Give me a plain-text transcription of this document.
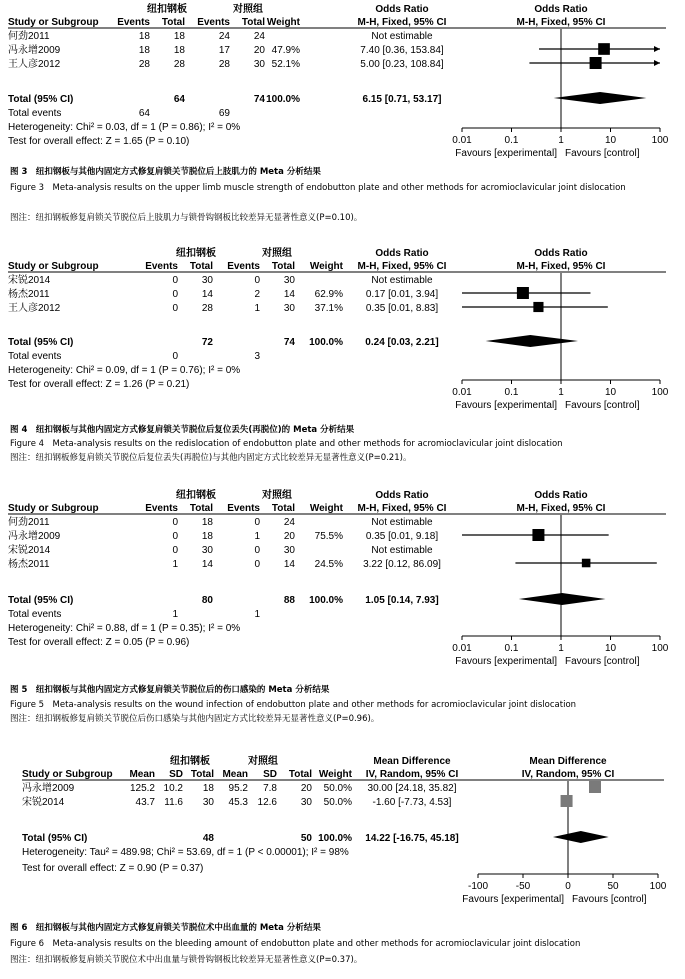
纽扣钢板	对照组	Odds Ratio	Odds Ratio
Study or Subgroup Events Total Events Total Weight	M-H, Fixed, 95% CI	M-H, Fixed, 95% CI
何劲2011	18 18	24 24	Not estimable
冯永增2009	18 18	17 20 47.9%	7.40 [0.36, 153.84]
王人彦2012	28 28	28 30 52.1%	5.00 [0.23, 108.84]
Total (95% CI)	64	74 100.0%	6.15 [0.71, 53.17]
Total events	64	69
Heterogeneity: Chi² = 0.03, df = 1 (P = 0.86); I² = 0%
Test for overall effect: Z = 1.65 (P = 0.10)	0.01	0.1	1	10	100
Favours [experimental] Favours [control]
图 3　纽扣钢板与其他内固定方式修复肩锁关节脱位后上肢肌力的 Meta 分析结果
Figure 3　Meta-analysis results on the upper limb muscle strength of endobutton plate and other methods for acromioclavicular joint dislocation
图注：纽扣钢板修复肩锁关节脱位后上肢肌力与锁骨钩钢板比较差异无显著性意义(P=0.10)。
纽扣钢板	对照组	Odds Ratio	Odds Ratio
Study or Subgroup	Events Total Events Total Weight M-H, Fixed, 95% CI	M-H, Fixed, 95% CI
宋锐2014	0 30	0 30	Not estimable
杨杰2011	0 14	2 14 62.9% 0.17 [0.01, 3.94]
王人彦2012	0 28	1 30 37.1% 0.35 [0.01, 8.83]
Total (95% CI)	72	74 100.0% 0.24 [0.03, 2.21]
Total events	0	3
Heterogeneity: Chi² = 0.09, df = 1 (P = 0.76); I² = 0%
Test for overall effect: Z = 1.26 (P = 0.21)
0.01	0.1	1	10	100
Favours [experimental] Favours [control]
图 4　纽扣钢板与其他内固定方式修复肩锁关节脱位后复位丢失(再脱位)的 Meta 分析结果
Figure 4　Meta-analysis results on the redislocation of endobutton plate and other methods for acromioclavicular joint dislocation
图注：纽扣钢板修复肩锁关节脱位后复位丢失(再脱位)与其他内固定方式比较差异无显著性意义(P=0.21)。
纽扣钢板	对照组	Odds Ratio	Odds Ratio
Study or Subgroup	Events Total Events Total Weight M-H, Fixed, 95% CI	M-H, Fixed, 95% CI
何劲2011	0 18	0 24	Not estimable
冯永增2009	0 18	1 20 75.5% 0.35 [0.01, 9.18]
宋锐2014	0 30	0 30	Not estimable
杨杰2011	1 14	0 14 24.5% 3.22 [0.12, 86.09]
Total (95% CI)	80	88 100.0% 1.05 [0.14, 7.93]
Total events	1	1
Heterogeneity: Chi² = 0.88, df = 1 (P = 0.35); I² = 0%
Test for overall effect: Z = 0.05 (P = 0.96)
0.01	0.1	1	10	100
Favours [experimental] Favours [control]
图 5　纽扣钢板与其他内固定方式修复肩锁关节脱位后的伤口感染的 Meta 分析结果
Figure 5　Meta-analysis results on the wound infection of endobutton plate and other methods for acromioclavicular joint dislocation
图注：纽扣钢板修复肩锁关节脱位后伤口感染与其他内固定方式比较差异无显著性意义(P=0.96)。
纽扣钢板	对照组	Mean Difference	Mean Difference
Study or Subgroup Mean SD Total Mean SD Total Weight IV, Random, 95% CI	IV, Random, 95% CI
冯永增2009	125.2 10.2 18 95.2 7.8 20 50.0% 30.00 [24.18, 35.82]
宋锐2014	43.7 11.6 30 45.3 12.6 30 50.0% -1.60 [-7.73, 4.53]
Total (95% CI)	48	50 100.0% 14.22 [-16.75, 45.18]
Heterogeneity: Tau² = 489.98; Chi² = 53.69, df = 1 (P < 0.00001); I² = 98%
Test for overall effect: Z = 0.90 (P = 0.37)
-100	-50	0	50	100
Favours [experimental] Favours [control]
图 6　纽扣钢板与其他内固定方式修复肩锁关节脱位术中出血量的 Meta 分析结果
Figure 6　Meta-analysis results on the bleeding amount of endobutton plate and other methods for acromioclavicular joint dislocation
图注：纽扣钢板修复肩锁关节脱位术中出血量与锁骨钩钢板比较差异无显著性意义(P=0.37)。
